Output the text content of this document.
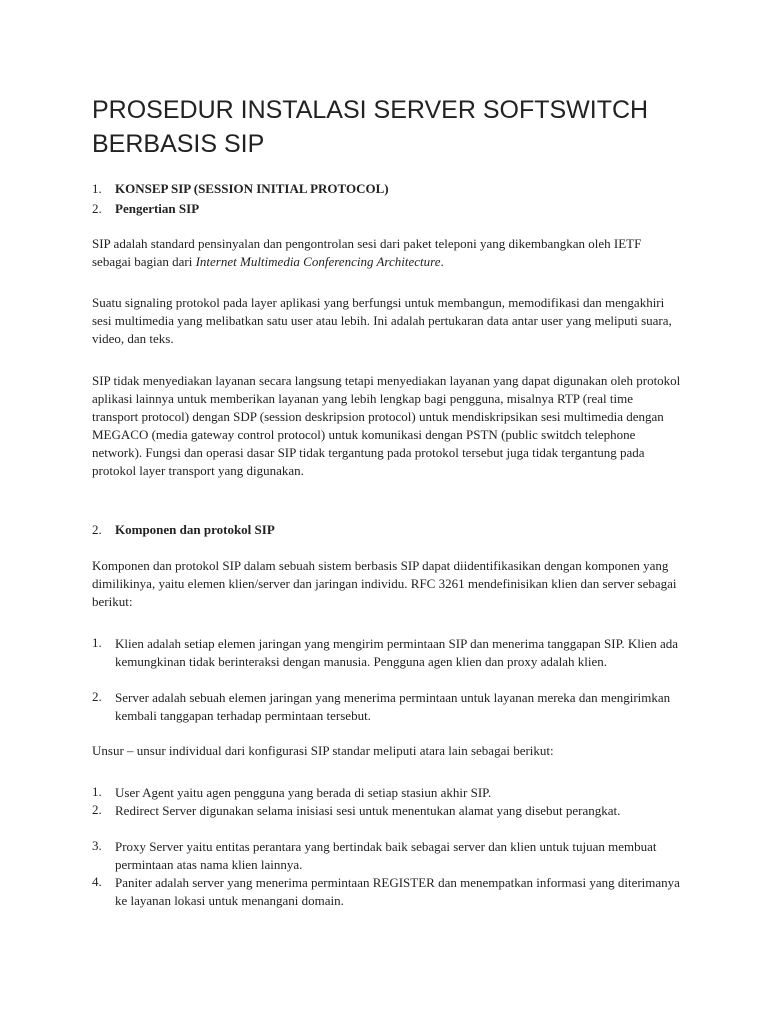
PROSEDUR INSTALASI SERVER SOFTSWITCH BERBASIS SIP
1. KONSEP SIP (SESSION INITIAL PROTOCOL)
2. Pengertian SIP
SIP adalah standard pensinyalan dan pengontrolan sesi dari paket teleponi yang dikembangkan oleh IETF sebagai bagian dari Internet Multimedia Conferencing Architecture.
Suatu signaling protokol pada layer aplikasi yang berfungsi untuk membangun, memodifikasi dan mengakhiri sesi multimedia yang melibatkan satu user atau lebih. Ini adalah pertukaran data antar user yang meliputi suara, video, dan teks.
SIP tidak menyediakan layanan secara langsung tetapi menyediakan layanan yang dapat digunakan oleh protokol aplikasi lainnya untuk memberikan layanan yang lebih lengkap bagi pengguna, misalnya RTP (real time transport protocol) dengan SDP (session deskripsion protocol) untuk mendiskripsikan sesi multimedia dengan MEGACO (media gateway control protocol) untuk komunikasi dengan PSTN (public switdch telephone network). Fungsi dan operasi dasar SIP tidak tergantung pada protokol tersebut juga tidak tergantung pada protokol layer transport yang digunakan.
2. Komponen dan protokol SIP
Komponen dan protokol SIP dalam sebuah sistem berbasis SIP dapat diidentifikasikan dengan komponen yang dimilikinya, yaitu elemen klien/server dan jaringan individu. RFC 3261 mendefinisikan klien dan server sebagai berikut:
1. Klien adalah setiap elemen jaringan yang mengirim permintaan SIP dan menerima tanggapan SIP. Klien ada kemungkinan tidak berinteraksi dengan manusia. Pengguna agen klien dan proxy adalah klien.
2. Server adalah sebuah elemen jaringan yang menerima permintaan untuk layanan mereka dan mengirimkan kembali tanggapan terhadap permintaan tersebut.
Unsur – unsur individual dari konfigurasi SIP standar meliputi atara lain sebagai berikut:
1. User Agent yaitu agen pengguna yang berada di setiap stasiun akhir SIP.
2. Redirect Server digunakan selama inisiasi sesi untuk menentukan alamat yang disebut perangkat.
3. Proxy Server yaitu entitas perantara yang bertindak baik sebagai server dan klien untuk tujuan membuat permintaan atas nama klien lainnya.
4. Paniter adalah server yang menerima permintaan REGISTER dan menempatkan informasi yang diterimanya ke layanan lokasi untuk menangani domain.
